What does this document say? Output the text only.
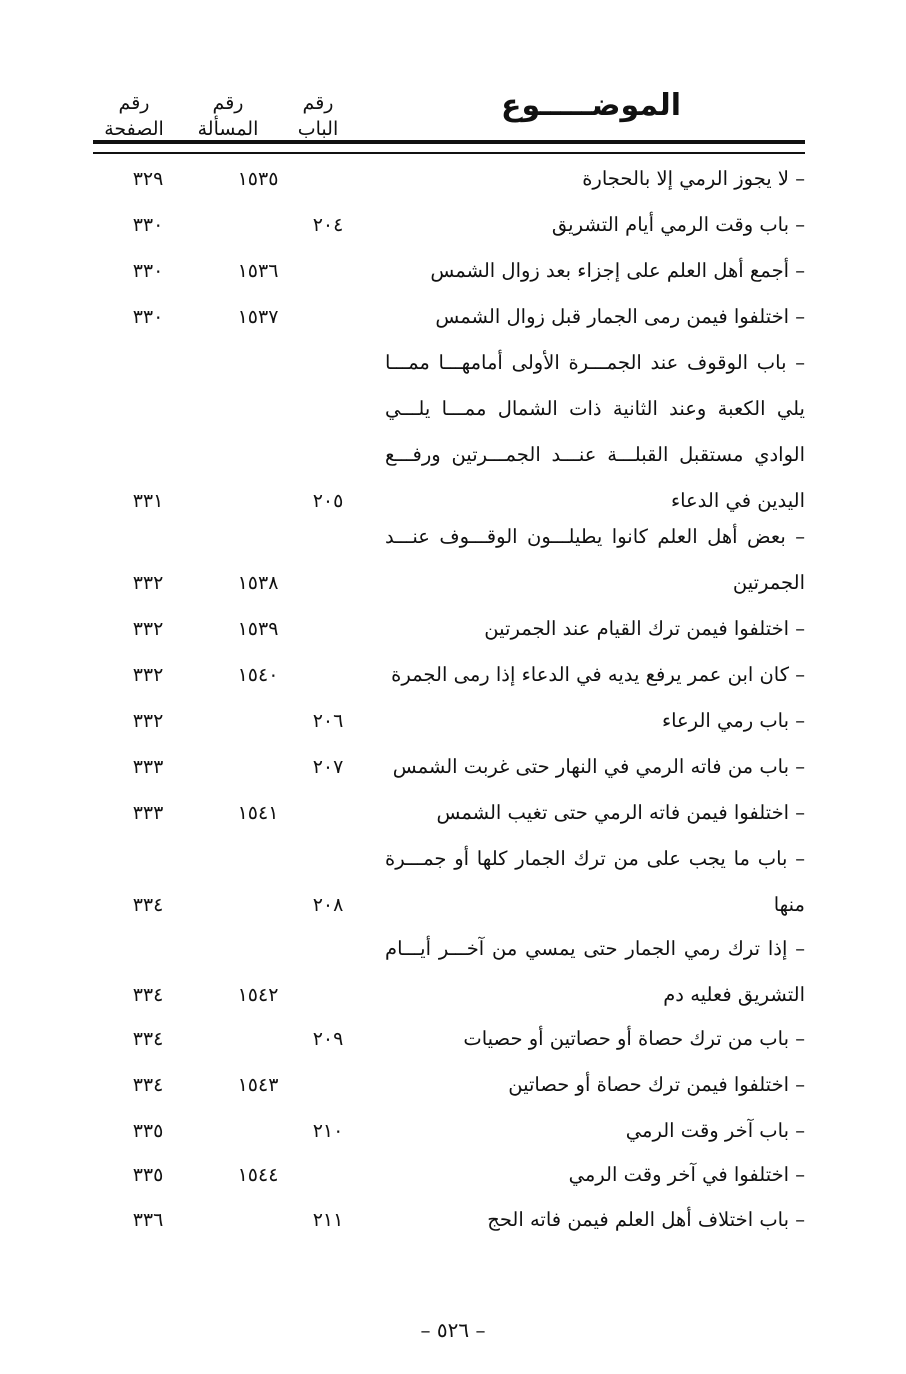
رقم
الباب
رقم
المسألة
رقم
الصفحة
الموضـــــوع
– لا يجوز الرمي إلا بالحجارة
١٥٣٥
٣٢٩
– باب وقت الرمي أيام التشريق
٢٠٤
٣٣٠
– أجمع أهل العلم على إجزاء بعد زوال الشمس
١٥٣٦
٣٣٠
– اختلفوا فيمن رمى الجمار قبل زوال الشمس
١٥٣٧
٣٣٠
– باب الوقوف عند الجمـــرة الأولى أمامهـــا ممـــا يلي الكعبة وعند الثانية ذات الشمال ممـــا يلـــي الوادي مستقبل القبلـــة عنـــد الجمـــرتين ورفـــع اليدين في الدعاء
٢٠٥
٣٣١
– بعض أهل العلم كانوا يطيلـــون الوقـــوف عنـــد الجمرتين
١٥٣٨
٣٣٢
– اختلفوا فيمن ترك القيام عند الجمرتين
١٥٣٩
٣٣٢
– كان ابن عمر يرفع يديه في الدعاء إذا رمى الجمرة
١٥٤٠
٣٣٢
– باب رمي الرعاء
٢٠٦
٣٣٢
– باب من فاته الرمي في النهار حتى غربت الشمس
٢٠٧
٣٣٣
– اختلفوا فيمن فاته الرمي حتى تغيب الشمس
١٥٤١
٣٣٣
– باب ما يجب على من ترك الجمار كلها أو جمـــرة منها
٢٠٨
٣٣٤
– إذا ترك رمي الجمار حتى يمسي من آخـــر أيـــام التشريق فعليه دم
١٥٤٢
٣٣٤
– باب من ترك حصاة أو حصاتين أو حصيات
٢٠٩
٣٣٤
– اختلفوا فيمن ترك حصاة أو حصاتين
١٥٤٣
٣٣٤
– باب آخر وقت الرمي
٢١٠
٣٣٥
– اختلفوا في آخر وقت الرمي
١٥٤٤
٣٣٥
– باب اختلاف أهل العلم فيمن فاته الحج
٢١١
٣٣٦
– ٥٢٦ –
